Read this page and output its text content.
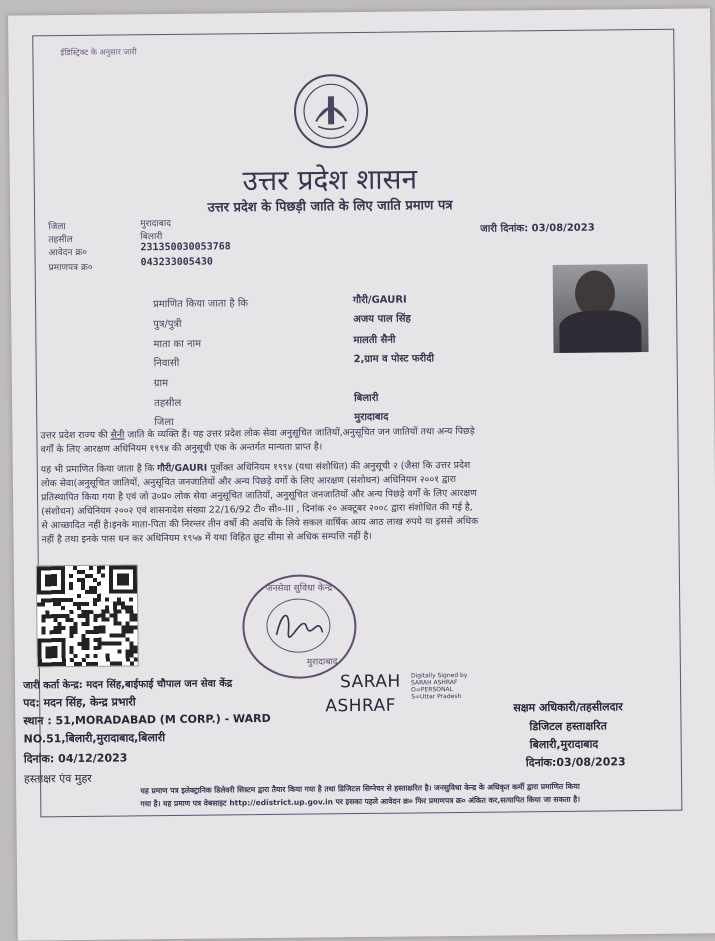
ईडिस्ट्रिक्ट के अनुसार जारी
उत्तर प्रदेश शासन
उत्तर प्रदेश के पिछड़ी जाति के लिए जाति प्रमाण पत्र
जिला	मुरादाबाद
तहसील	बिलारी
आवेदन क्र०	231350030053768
प्रमाणपत्र क्र०	043233005430
जारी दिनांक: 03/08/2023
प्रमाणित किया जाता है कि	गौरी/GAURI
पुत्र/पुत्री	अजय पाल सिंह
माता का नाम	मालती सैनी
निवासी	2,ग्राम व पोस्ट फरीदी
ग्राम
तहसील	बिलारी
जिला	मुरादाबाद
उत्तर प्रदेश राज्य की सैनी जाति के व्यक्ति हैं। यह उत्तर प्रदेश लोक सेवा अनुसूचित जातियों,अनुसूचित जन जातियों तथा अन्य पिछड़े
वर्गों के लिए आरक्षण अधिनियम १९९४ की अनुसूची एक के अन्तर्गत मान्यता प्राप्त है।
यह भी प्रमाणित किया जाता है कि गौरी/GAURI पूर्वोक्त अधिनियम १९९४ (यथा संशोधित) की अनुसूची २ (जैसा कि उत्तर प्रदेश
लोक सेवा(अनुसूचित जातियों, अनुसूचित जनजातियों और अन्य पिछड़े वर्गों के लिए आरक्षण (संशोधन) अधिनियम २००१ द्वारा
प्रतिस्थापित किया गया है एवं जो उ०प्र० लोक सेवा अनुसूचित जातियों, अनुसूचित जनजातियों और अन्य पिछड़े वर्गों के लिए आरक्षण
(संशोधन) अधिनियम २००२ एवं शासनादेश संख्या 22/16/92 टी० सी०-III , दिनांक २० अक्टूबर २००८ द्वारा संशोधित की गई है,
से आच्छादित नहीं है।इनके माता-पिता की निरन्तर तीन वर्षो की अवधि के लिये सकल वार्षिक आय आठ लाख रुपये या इससे अधिक
नहीं है तथा इनके पास धन कर अधिनियम १९५७ में यथा विहित छूट सीमा से अधिक सम्पत्ति नहीं है।
जनसेवा सुविधा केन्द्र
मुरादाबाद
SARAH
ASHRAF
Digitally Signed by
SARAH ASHRAF
O=PERSONAL
S=Uttar Pradesh
जारी कर्ता केन्द्र: मदन सिंह,बाईफाई चौपाल जन सेवा केंद्र
पद: मदन सिंह, केन्द्र प्रभारी
स्थान : 51,MORADABAD (M CORP.) - WARD
NO.51,बिलारी,मुरादाबाद,बिलारी
दिनांक: 04/12/2023
हस्ताक्षर एंव मुहर
सक्षम अधिकारी/तहसीलदार
डिजिटल हस्ताक्षरित
बिलारी,मुरादाबाद
दिनांक:03/08/2023
यह प्रमाण पत्र इलेक्ट्रानिक डिलेवरी सिस्टम द्वारा तैयार किया गया है तथा डिजिटल सिग्नेचर से हस्ताक्षरित है। जनसुविधा केन्द्र के अधिकृत कर्मी द्वारा प्रमाणित किया
गया है। यह प्रमाण पत्र वेबसाइट http://edistrict.up.gov.in पर इसका पहले आवेदन क्र० फिर प्रमाणपत्र क्र० अंकित कर,सत्यापित किया जा सकता है।
